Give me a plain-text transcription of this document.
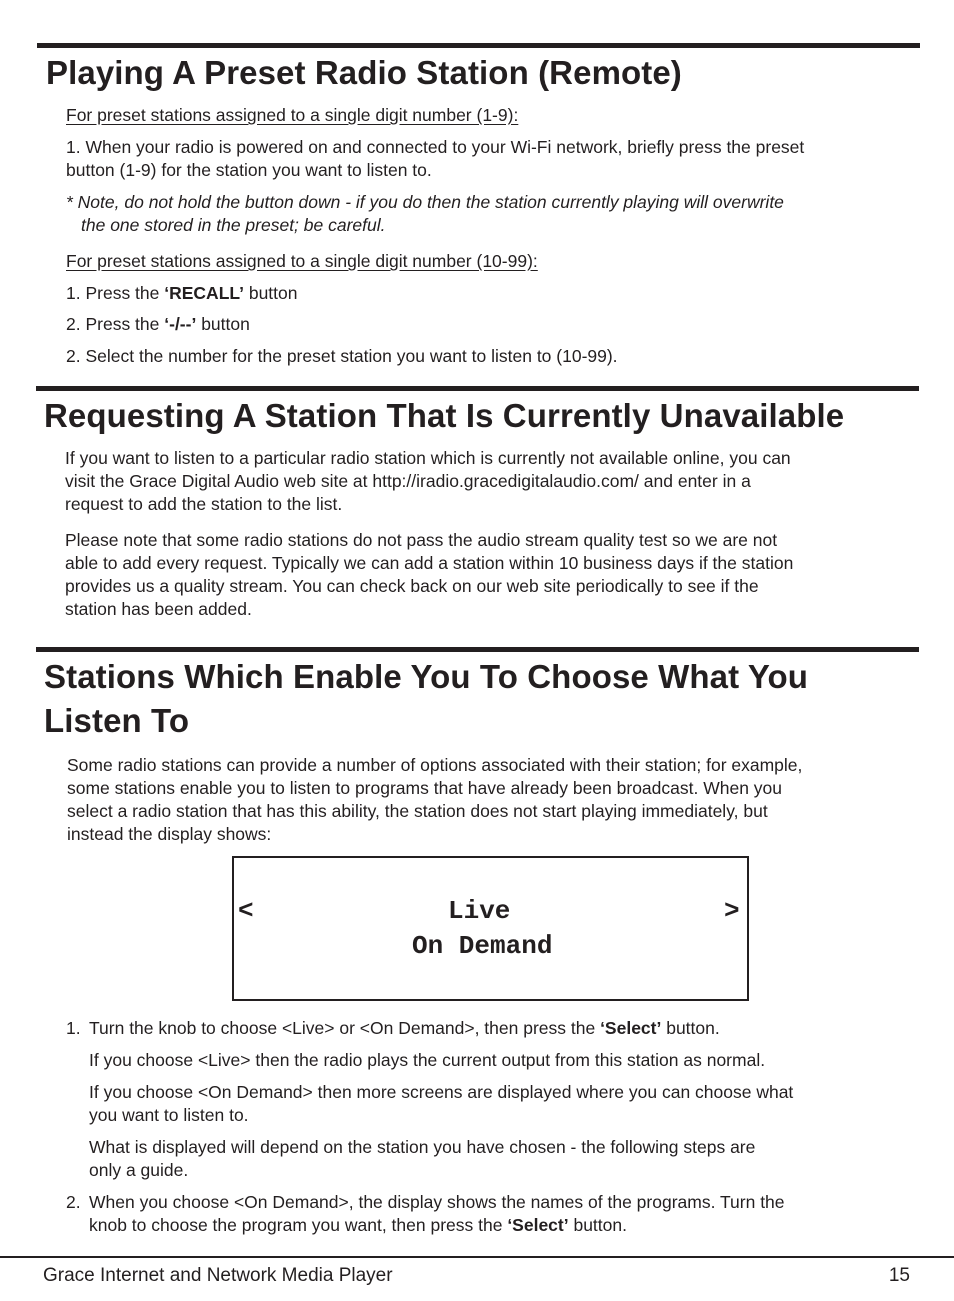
Playing A Preset Radio Station (Remote)

For preset stations assigned to a single digit number (1-9):

1. When your radio is powered on and connected to your Wi-Fi network, briefly press the preset

button (1-9) for the station you want to listen to.

* Note, do not hold the button down - if you do then the station currently playing will overwrite

the one stored in the preset; be careful.

For preset stations assigned to a single digit number (10-99):

1. Press the ‘RECALL’ button

2. Press the ‘-/--’ button

2. Select the number for the preset station you want to listen to (10-99).

Requesting A Station That Is Currently Unavailable

If you want to listen to a particular radio station which is currently not available online, you can

visit the Grace Digital Audio web site at http://iradio.gracedigitalaudio.com/ and enter in a

request to add the station to the list.

Please note that some radio stations do not pass the audio stream quality test so we are not

able to add every request. Typically we can add a station within 10 business days if the station

provides us a quality stream. You can check back on our web site periodically to see if the

station has been added.

Stations Which Enable You To Choose What You
Listen To

Some radio stations can provide a number of options associated with their station; for example,

some stations enable you to listen to programs that have already been broadcast. When you

select a radio station that has this ability, the station does not start playing immediately, but

instead the display shows:

<	Live	>
On Demand

1. Turn the knob to choose <Live> or <On Demand>, then press the ‘Select’ button.

If you choose <Live> then the radio plays the current output from this station as normal.

If you choose <On Demand> then more screens are displayed where you can choose what

you want to listen to.

What is displayed will depend on the station you have chosen - the following steps are

only a guide.

2. When you choose <On Demand>, the display shows the names of the programs. Turn the

knob to choose the program you want, then press the ‘Select’ button.

Grace Internet and Network Media Player	15
